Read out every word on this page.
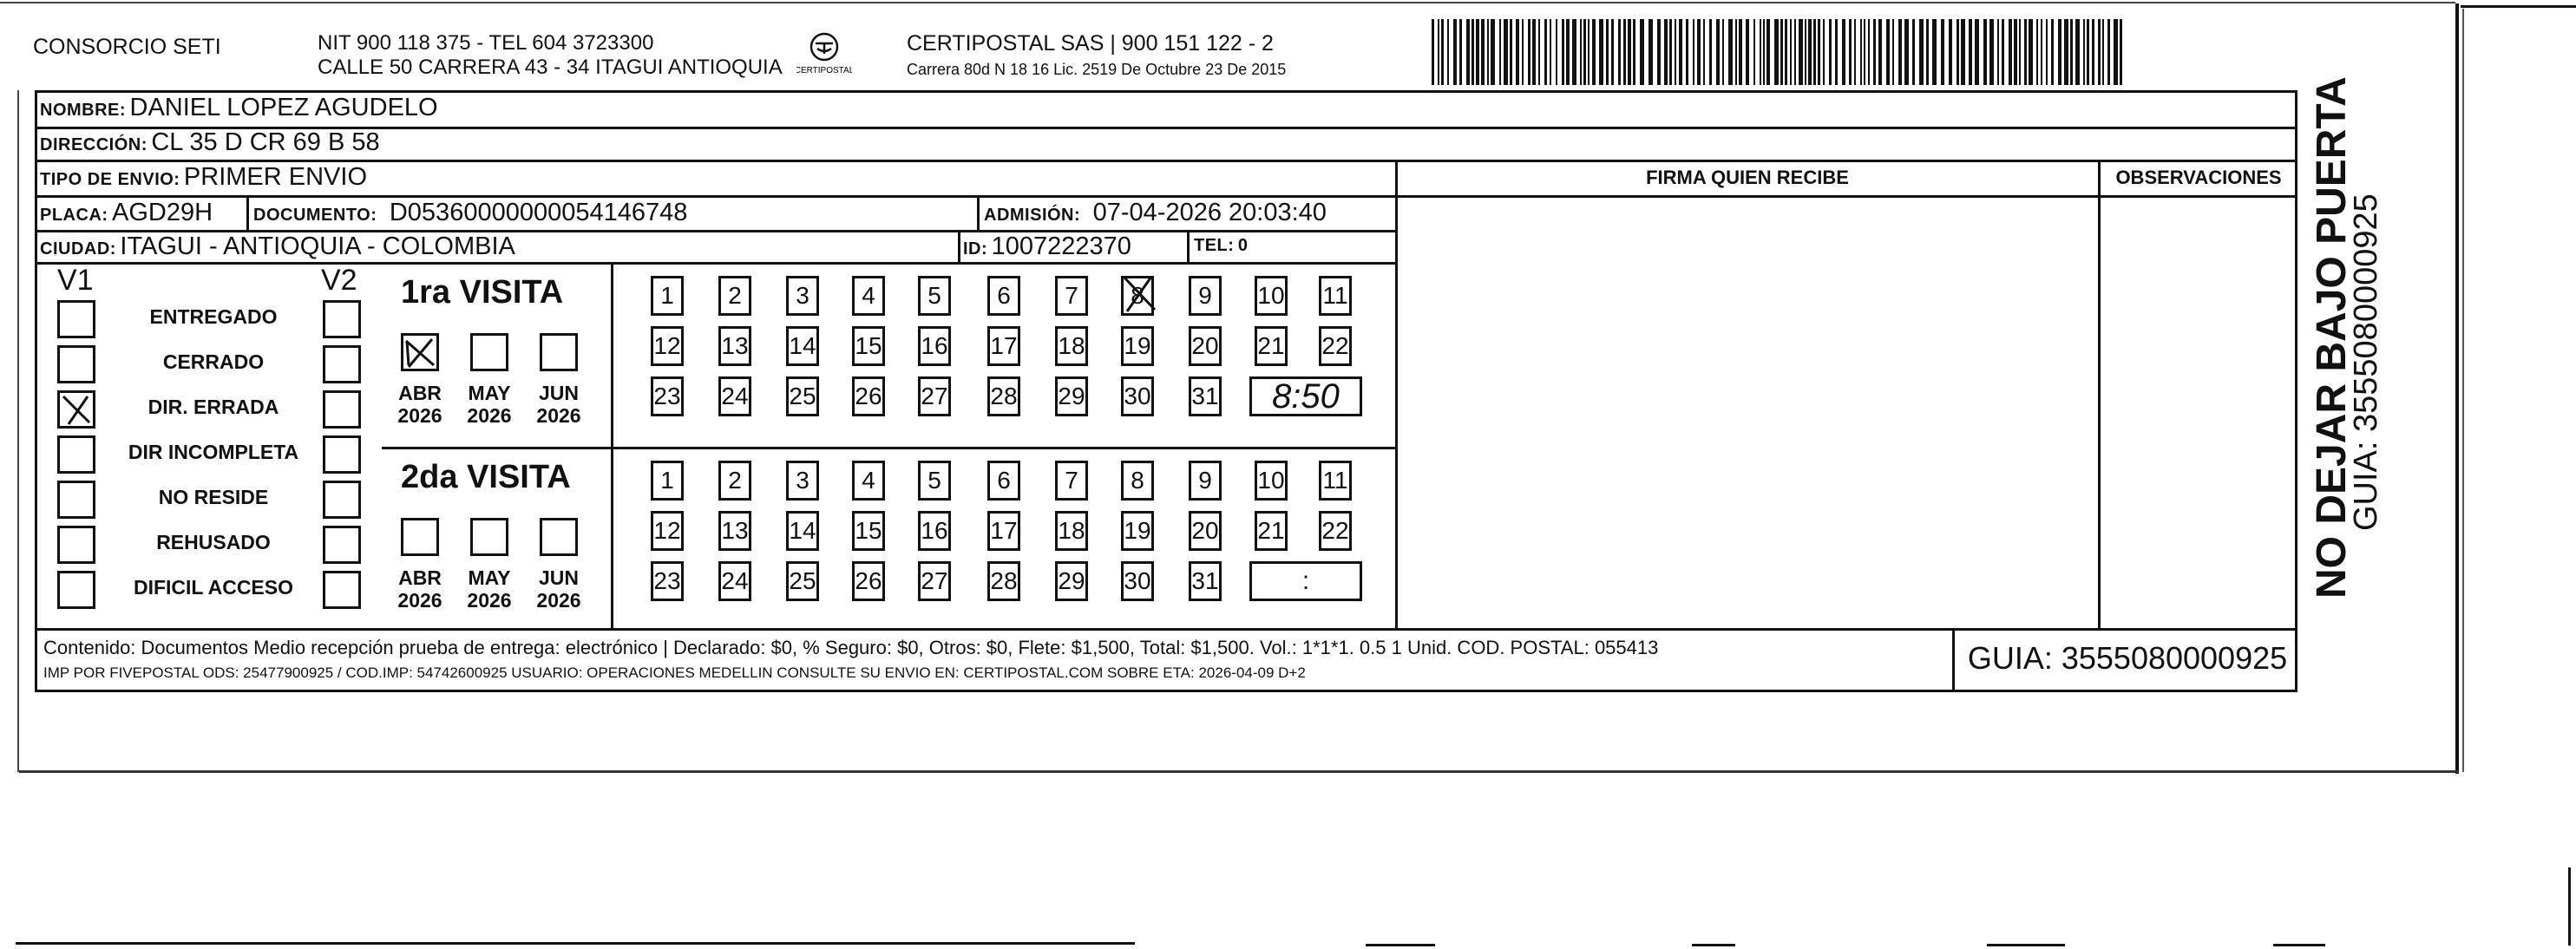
CONSORCIO SETI	NIT 900 118 375 - TEL 604 3723300
CALLE 50 CARRERA 43 - 34 ITAGUI ANTIOQUIA CERTIPOSTAL
CERTIPOSTAL SAS | 900 151 122 - 2
Carrera 80d N 18 16 Lic. 2519 De Octubre 23 De 2015
NOMBRE: DANIEL LOPEZ AGUDELO
DIRECCIÓN: CL 35 D CR 69 B 58
TIPO DE ENVIO: PRIMER ENVIO	FIRMA QUIEN RECIBE	OBSERVACIONES
PLACA: AGD29H DOCUMENTO: D05360000000054146748	ADMISIÓN: 07-04-2026 20:03:40
CIUDAD: ITAGUI - ANTIOQUIA - COLOMBIA	ID: 1007222370	TEL: 0
V1	V2
ENTREGADO
CERRADO
DIR. ERRADA
DIR INCOMPLETA
NO RESIDE
REHUSADO
DIFICIL ACCESO
1ra VISITA
ABR
2026
MAY
2026
JUN
2026
1	2	3	4	5	6	7	8	9	10 11
12 13 14 15 16 17 18 19 20 21 22
23 24 25 26 27 28 29 30 31	8:50
2da VISITA
ABR
2026
MAY
2026
JUN
2026
1	2	3	4	5	6	7	8	9	10 11
12 13 14 15 16 17 18 19 20 21 22
23 24 25 26 27 28 29 30 31	:
Contenido: Documentos Medio recepción prueba de entrega: electrónico | Declarado: $0, % Seguro: $0, Otros: $0, Flete: $1,500, Total: $1,500. Vol.: 1*1*1. 0.5 1 Unid. COD. POSTAL: 055413
IMP POR FIVEPOSTAL ODS: 25477900925 / COD.IMP: 54742600925 USUARIO: OPERACIONES MEDELLIN CONSULTE SU ENVIO EN: CERTIPOSTAL.COM SOBRE ETA: 2026-04-09 D+2	GUIA: 3555080000925
NO DEJAR BAJO PUERTA
GUIA: 3555080000925
